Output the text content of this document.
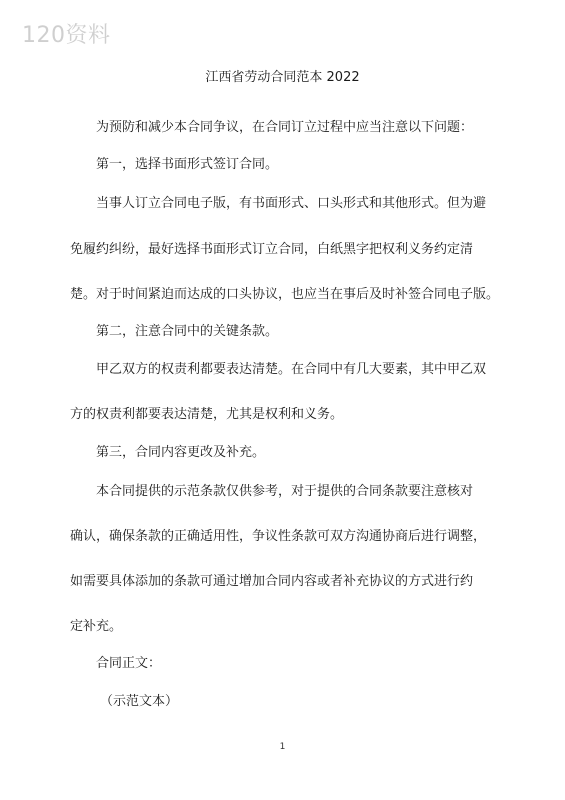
120资料
江西省劳动合同范本 2022
为预防和减少本合同争议，在合同订立过程中应当注意以下问题：
第一，选择书面形式签订合同。
当事人订立合同电子版，有书面形式、口头形式和其他形式。但为避
免履约纠纷，最好选择书面形式订立合同，白纸黑字把权利义务约定清
楚。对于时间紧迫而达成的口头协议，也应当在事后及时补签合同电子版。
第二，注意合同中的关键条款。
甲乙双方的权责利都要表达清楚。在合同中有几大要素，其中甲乙双
方的权责利都要表达清楚，尤其是权利和义务。
第三，合同内容更改及补充。
本合同提供的示范条款仅供参考，对于提供的合同条款要注意核对
确认，确保条款的正确适用性，争议性条款可双方沟通协商后进行调整，
如需要具体添加的条款可通过增加合同内容或者补充协议的方式进行约
定补充。
合同正文：
（示范文本）
1
